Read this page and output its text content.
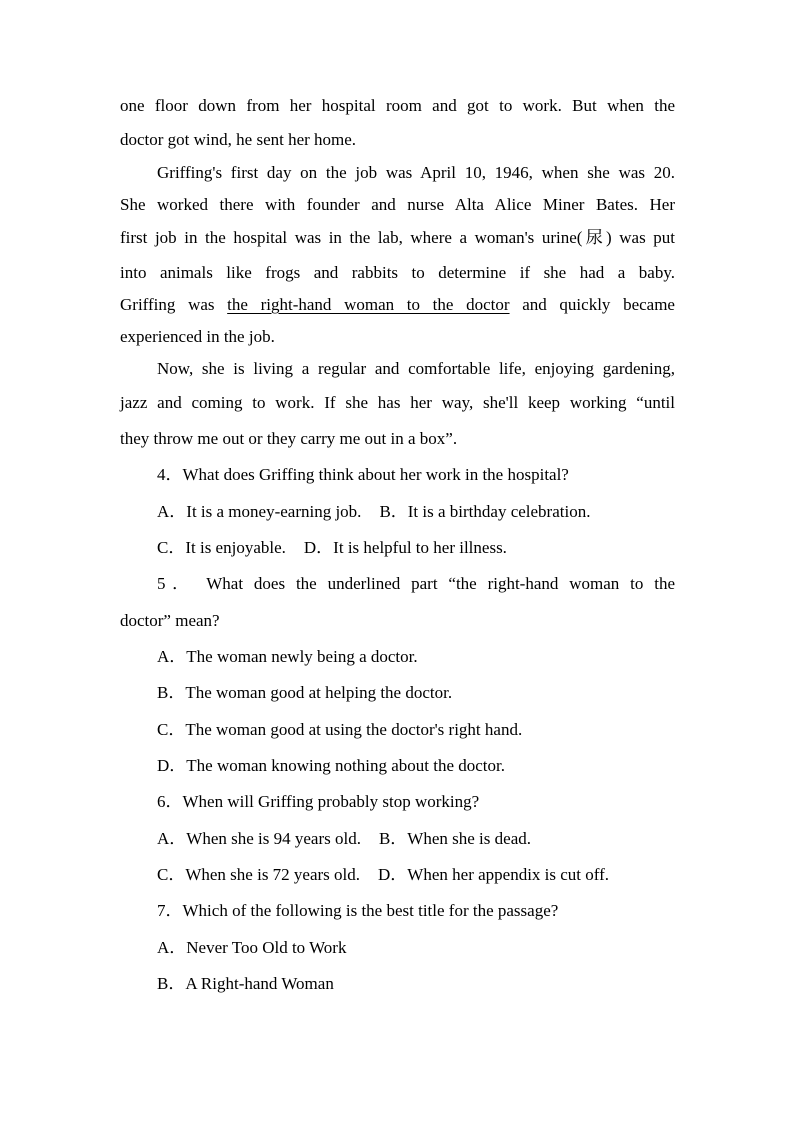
one floor down from her hospital room and got to work. But when the
doctor got wind, he sent her home.
Griffing's first day on the job was April 10, 1946, when she was 20.
She worked there with founder and nurse Alta Alice Miner Bates. Her
first job in the hospital was in the lab, where a woman's urine(尿) was put
into animals like frogs and rabbits to determine if she had a baby.
Griffing was the right-hand woman to the doctor and quickly became
experienced in the job.
Now, she is living a regular and comfortable life, enjoying gardening,
jazz and coming to work. If she has her way, she'll keep working “until
they throw me out or they carry me out in a box”.
4．What does Griffing think about her work in the hospital?
A．It is a money-earning job. B．It is a birthday celebration.
C．It is enjoyable. D．It is helpful to her illness.
5． What does the underlined part “the right-hand woman to the
doctor” mean?
A．The woman newly being a doctor.
B．The woman good at helping the doctor.
C．The woman good at using the doctor's right hand.
D．The woman knowing nothing about the doctor.
6．When will Griffing probably stop working?
A．When she is 94 years old. B．When she is dead.
C．When she is 72 years old. D．When her appendix is cut off.
7．Which of the following is the best title for the passage?
A．Never Too Old to Work
B．A Right-hand Woman
